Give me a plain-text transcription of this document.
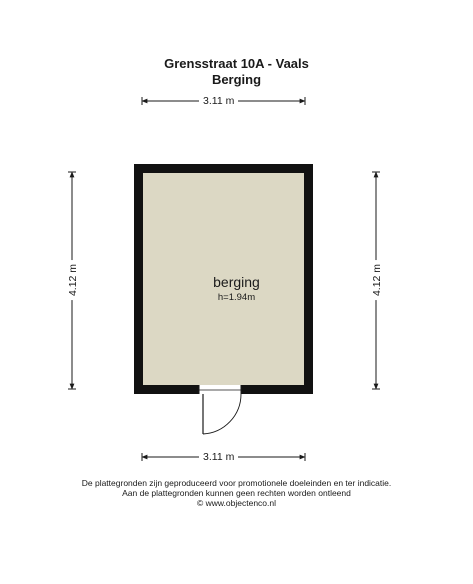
Grensstraat 10A - Vaals
Berging
3.11 m
3.11 m
4.12 m	4.12 m
berging
h=1.94m
De plattegronden zijn geproduceerd voor promotionele doeleinden en ter indicatie.
Aan de plattegronden kunnen geen rechten worden ontleend
© www.objectenco.nl
